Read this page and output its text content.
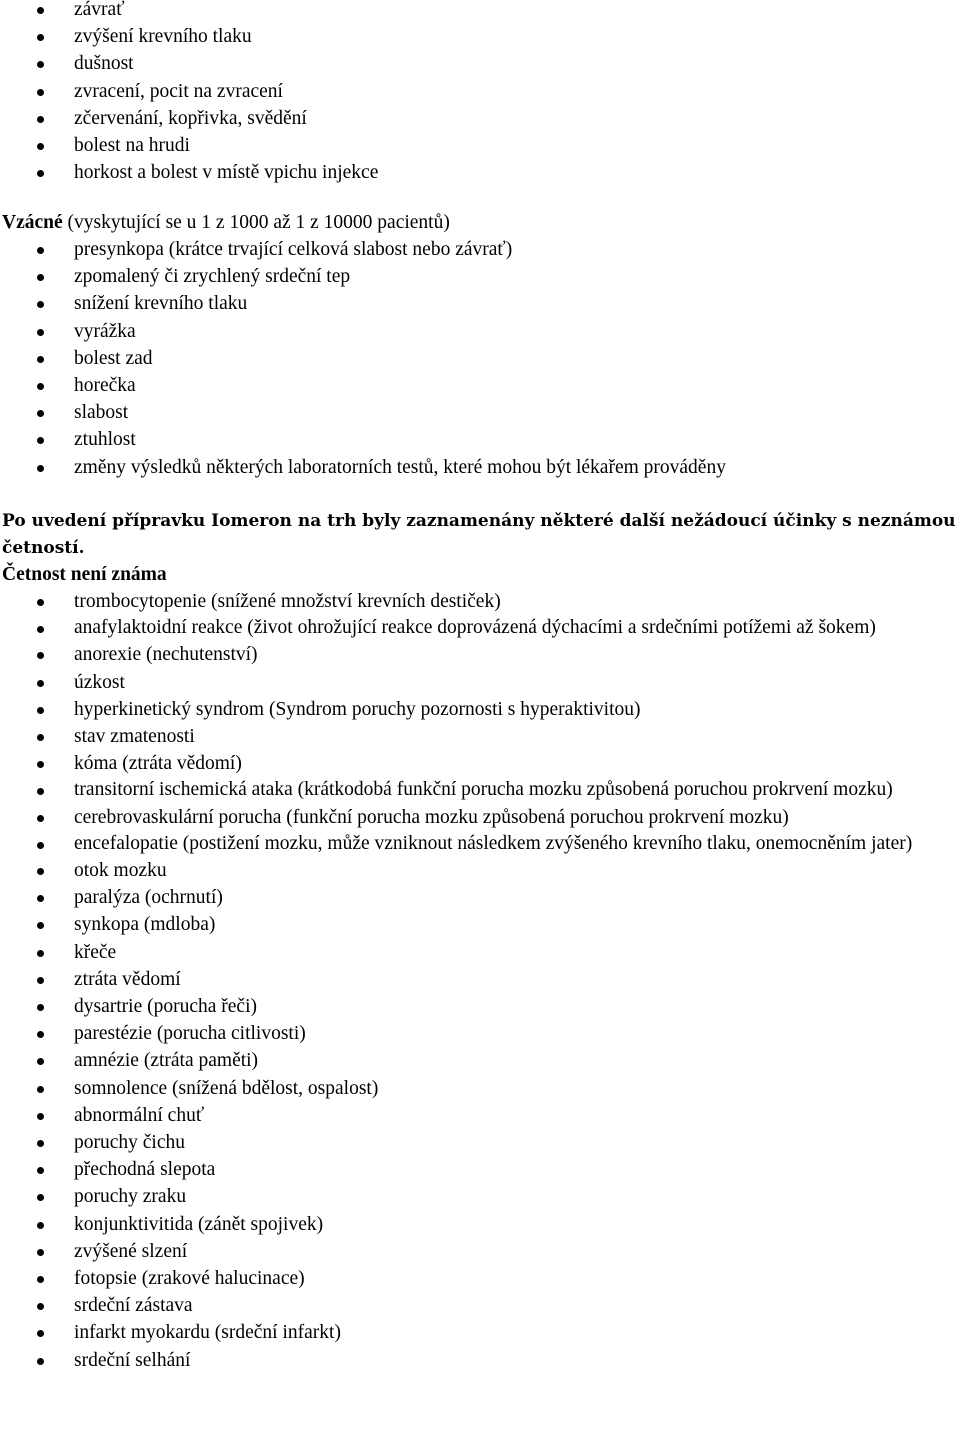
závrať
zvýšení krevního tlaku
dušnost
zvracení, pocit na zvracení
zčervenání, kopřivka, svědění
bolest na hrudi
horkost a bolest v místě vpichu injekce
Vzácné (vyskytující se u 1 z 1000 až 1 z 10000 pacientů)
presynkopa (krátce trvající celková slabost nebo závrať)
zpomalený či zrychlený srdeční tep
snížení krevního tlaku
vyrážka
bolest zad
horečka
slabost
ztuhlost
změny výsledků některých laboratorních testů, které mohou být lékařem prováděny
Po uvedení přípravku Iomeron na trh byly zaznamenány některé další nežádoucí účinky s neznámou četností.
Četnost není známa
trombocytopenie (snížené množství krevních destiček)
anafylaktoidní reakce (život ohrožující reakce doprovázená dýchacími a srdečními potížemi až šokem)
anorexie (nechutenství)
úzkost
hyperkinetický syndrom (Syndrom poruchy pozornosti s hyperaktivitou)
stav zmatenosti
kóma (ztráta vědomí)
transitorní ischemická ataka (krátkodobá funkční porucha mozku způsobená poruchou prokrvení mozku)
cerebrovaskulární porucha (funkční porucha mozku způsobená poruchou prokrvení mozku)
encefalopatie (postižení mozku, může vzniknout následkem zvýšeného krevního tlaku, onemocněním jater)
otok mozku
paralýza (ochrnutí)
synkopa (mdloba)
křeče
ztráta vědomí
dysartrie (porucha řeči)
parestézie (porucha citlivosti)
amnézie (ztráta paměti)
somnolence (snížená bdělost, ospalost)
abnormální chuť
poruchy čichu
přechodná slepota
poruchy zraku
konjunktivitida (zánět spojivek)
zvýšené slzení
fotopsie (zrakové halucinace)
srdeční zástava
infarkt myokardu (srdeční infarkt)
srdeční selhání
